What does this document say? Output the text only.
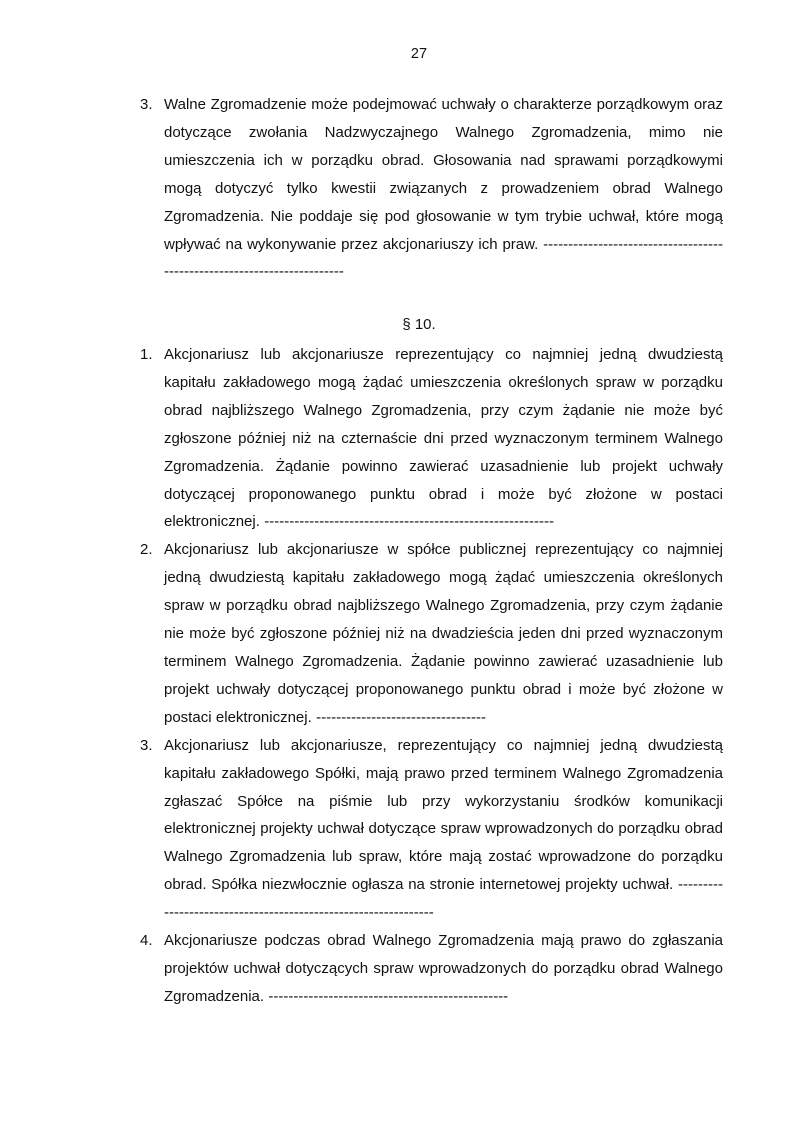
27
3. Walne Zgromadzenie może podejmować uchwały o charakterze porządkowym oraz dotyczące zwołania Nadzwyczajnego Walnego Zgromadzenia, mimo nie umieszczenia ich w porządku obrad. Głosowania nad sprawami porządkowymi mogą dotyczyć tylko kwestii związanych z prowadzeniem obrad Walnego Zgromadzenia. Nie poddaje się pod głosowanie w tym trybie uchwał, które mogą wpływać na wykonywanie przez akcjonariuszy ich praw. ------------------------------------------------------------------------
§ 10.
1. Akcjonariusz lub akcjonariusze reprezentujący co najmniej jedną dwudziestą kapitału zakładowego mogą żądać umieszczenia określonych spraw w porządku obrad najbliższego Walnego Zgromadzenia, przy czym żądanie nie może być zgłoszone później niż na czternaście dni przed wyznaczonym terminem Walnego Zgromadzenia. Żądanie powinno zawierać uzasadnienie lub projekt uchwały dotyczącej proponowanego punktu obrad i może być złożone w postaci elektronicznej. ----------------------------------------------------------
2. Akcjonariusz lub akcjonariusze w spółce publicznej reprezentujący co najmniej jedną dwudziestą kapitału zakładowego mogą żądać umieszczenia określonych spraw w porządku obrad najbliższego Walnego Zgromadzenia, przy czym żądanie nie może być zgłoszone później niż na dwadzieścia jeden dni przed wyznaczonym terminem Walnego Zgromadzenia. Żądanie powinno zawierać uzasadnienie lub projekt uchwały dotyczącej proponowanego punktu obrad i może być złożone w postaci elektronicznej. ----------------------------------
3. Akcjonariusz lub akcjonariusze, reprezentujący co najmniej jedną dwudziestą kapitału zakładowego Spółki, mają prawo przed terminem Walnego Zgromadzenia zgłaszać Spółce na piśmie lub przy wykorzystaniu środków komunikacji elektronicznej projekty uchwał dotyczące spraw wprowadzonych do porządku obrad Walnego Zgromadzenia lub spraw, które mają zostać wprowadzone do porządku obrad. Spółka niezwłocznie ogłasza na stronie internetowej projekty uchwał. ---------------------------------------------------------------
4. Akcjonariusze podczas obrad Walnego Zgromadzenia mają prawo do zgłaszania projektów uchwał dotyczących spraw wprowadzonych do porządku obrad Walnego Zgromadzenia. ------------------------------------------------
